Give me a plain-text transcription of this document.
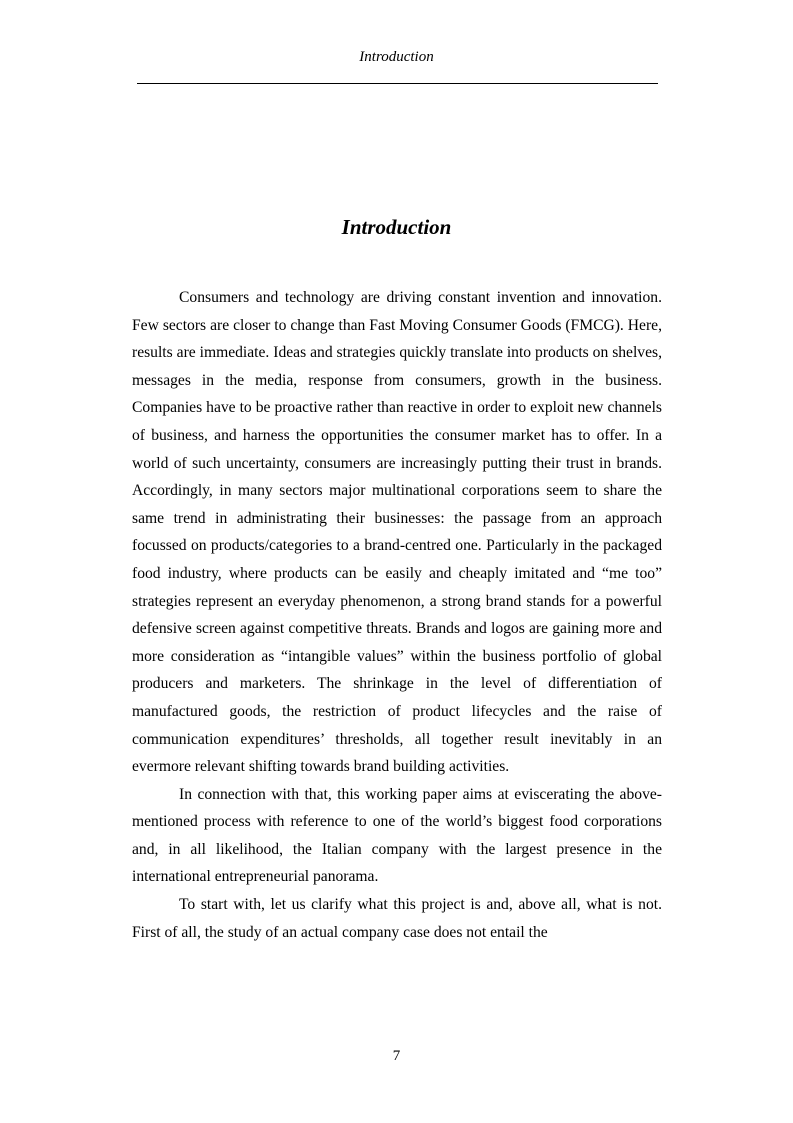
Introduction
Introduction

Consumers and technology are driving constant invention and innovation. Few sectors are closer to change than Fast Moving Consumer Goods (FMCG). Here, results are immediate. Ideas and strategies quickly translate into products on shelves, messages in the media, response from consumers, growth in the business. Companies have to be proactive rather than reactive in order to exploit new channels of business, and harness the opportunities the consumer market has to offer. In a world of such uncertainty, consumers are increasingly putting their trust in brands. Accordingly, in many sectors major multinational corporations seem to share the same trend in administrating their businesses: the passage from an approach focussed on products/categories to a brand-centred one. Particularly in the packaged food industry, where products can be easily and cheaply imitated and “me too” strategies represent an everyday phenomenon, a strong brand stands for a powerful defensive screen against competitive threats. Brands and logos are gaining more and more consideration as “intangible values” within the business portfolio of global producers and marketers. The shrinkage in the level of differentiation of manufactured goods, the restriction of product lifecycles and the raise of communication expenditures’ thresholds, all together result inevitably in an evermore relevant shifting towards brand building activities.

In connection with that, this working paper aims at eviscerating the above-mentioned process with reference to one of the world’s biggest food corporations and, in all likelihood, the Italian company with the largest presence in the international entrepreneurial panorama.

To start with, let us clarify what this project is and, above all, what is not. First of all, the study of an actual company case does not entail the

7
